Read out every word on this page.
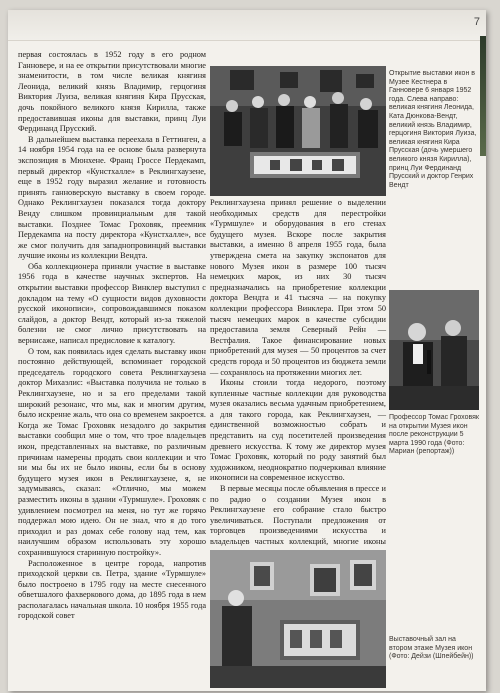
7

первая состоялась в 1952 году в его родном Ганновере, и на ее открытии присутствовали многие знаменитости, в том числе великая княгиня Леонида, великий князь Владимир, герцогиня Виктория Луиза, великая княгиня Кира Прусская, дочь покойного великого князя Кирилла, также предоставившая иконы для выставки, принц Луи Фердинанд Прусский.

В дальнейшем выставка переехала в Геттинген, а 14 ноября 1954 года на ее основе была развернута экспозиция в Мюнхене. Франц Гроссе Пердекамп, первый директор «Кунстхалле» в Реклингхаузене, еще в 1952 году выразил желание и готовность принять ганноверскую выставку в своем городе. Однако Реклингхаузен показался тогда доктору Венду слишком провинциальным для такой выставки. Позднее Томас Гроховяк, преемник Пердекампа на посту директора «Кунстхалле», все же смог получить для западнопровинций выставки лучшие иконы из коллекции Вендта.

Оба коллекционера приняли участие в выставке 1956 года в качестве научных экспертов. На открытии выставки профессор Винклер выступил с докладом на тему «О сущности видов духовности русской иконописи», сопровождавшимся показом слайдов, а доктор Вендт, который из-за тяжелой болезни не смог лично присутствовать на вернисаже, написал предисловие к каталогу.

О том, как появилась идея сделать выставку икон постоянно действующей, вспоминает городской председатель городского совета Реклингхаузена доктор Михаэлис: «Выставка получила не только в Реклингхаузене, но и за его пределами такой широкий резонанс, что мы, как и многим другим, было искренне жаль, что она со временем закроется. Когда же Томас Гроховяк незадолго до закрытия выставки сообщил мне о том, что трое владельцев икон, представленных на выставке, по различным причинам намерены продать свои коллекции и что ни мы бы их не было иконы, если бы в основу будущего музея икон в Реклингхаузене, я, не задумываясь, сказал: «Отлично, мы можем разместить иконы в здании «Турмшуле». Гроховяк с удивлением посмотрел на меня, но тут же горячо поддержал мою идею. Он не знал, что я до того приходил и раз домах себе голову над тем, как наилучшим образом использовать эту хорошо сохранившуюся старинную постройку».

Расположенное в центре города, напротив приходской церкви св. Петра, здание «Турмшуле» было построено в 1795 году на месте снесенного обветшалого фахверкового дома, до 1895 года в нем располагалась начальная школа. 10 ноября 1955 года городской совет

Реклингхаузена принял решение о выделении необходимых средств для перестройки «Турмшуле» и оборудования в его стенах будущего музея. Вскоре после закрытия выставки, а именно 8 апреля 1955 года, была утверждена смета на закупку экспонатов для нового Музея икон в размере 100 тысяч немецких марок, из них 30 тысяч предназначались на приобретение коллекции доктора Вендта и 41 тысяча — на покупку коллекции профессора Винклера. При этом 50 тысяч немецких марок в качестве субсидии предоставила земля Северный Рейн — Вестфалия. Такое финансирование новых приобретений для музея — 50 процентов за счет средств города и 50 процентов из бюджета земли — сохранялось на протяжении многих лет.

Иконы стоили тогда недорого, поэтому купленные частные коллекции для руководства музея оказались весьма удачным приобретением, а для такого города, как Реклингхаузен, — единственной возможностью собрать и представить на суд посетителей произведения древнего искусства. К тому же директор музея Томас Гроховяк, который по роду занятий был художником, неоднократно подчеркивал влияние иконописи на современное искусство.

В первые месяцы после объявления в прессе и по радио о создании Музея икон в Реклингхаузене его собрание стало быстро увеличиваться. Поступали предложения от торговцев произведениями искусства и владельцев частных коллекций, многие иконы

Открытие выставки икон в Музее Кестнера в Ганновере 6 января 1952 года. Слева направо: великая княгиня Леонида, Ката Дюнкова-Вендт, великий князь Владимир, герцогиня Виктория Луиза, великая княгиня Кира Прусская (дочь умершего великого князя Кирилла), принц Луи Фердинанд Прусский и доктор Генрих Вендт
Профессор Томас Гроховяк на открытии Музея икон после реконструкции 5 марта 1990 года (Фото: Мариан (репортаж))
Выставочный зал на втором этаже Музея икон (Фото: Дейзи (Шпейбейн))
